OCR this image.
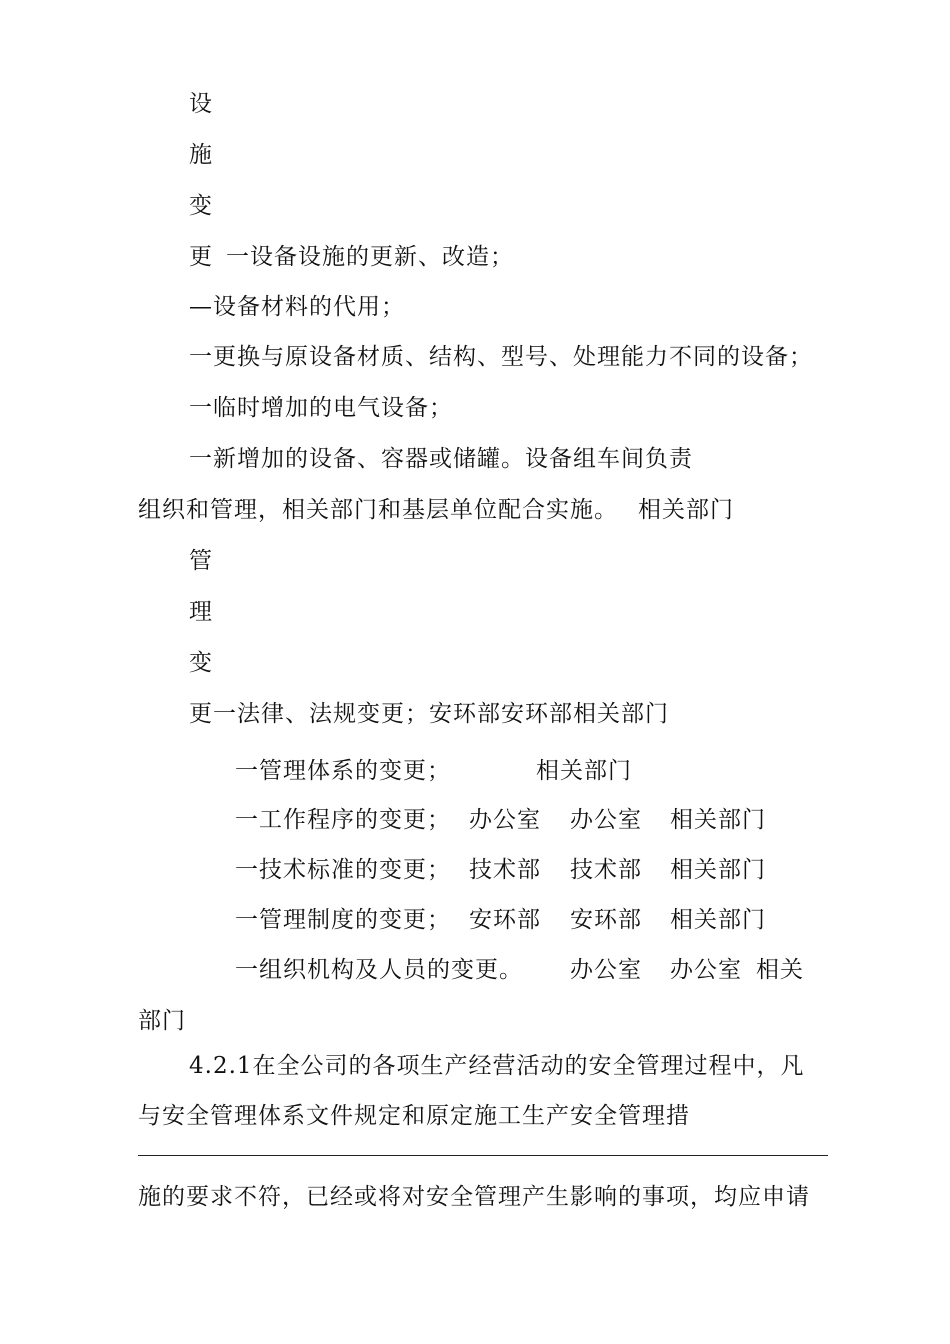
设
施
变
更 一设备设施的更新、改造；
—设备材料的代用；
一更换与原设备材质、结构、型号、处理能力不同的设备；
一临时增加的电气设备；
一新增加的设备、容器或储罐。设备组车间负责
组织和管理，相关部门和基层单位配合实施。 相关部门
管
理
变
更一法律、法规变更；安环部安环部相关部门
一管理体系的变更；	相关部门
一工作程序的变更； 办公室 办公室 相关部门
一技术标准的变更； 技术部 技术部 相关部门
一管理制度的变更； 安环部 安环部 相关部门
一组织机构及人员的变更。 办公室 办公室 相关
部门
4.2.1在全公司的各项生产经营活动的安全管理过程中，凡
与安全管理体系文件规定和原定施工生产安全管理措
施的要求不符，已经或将对安全管理产生影响的事项，均应申请
